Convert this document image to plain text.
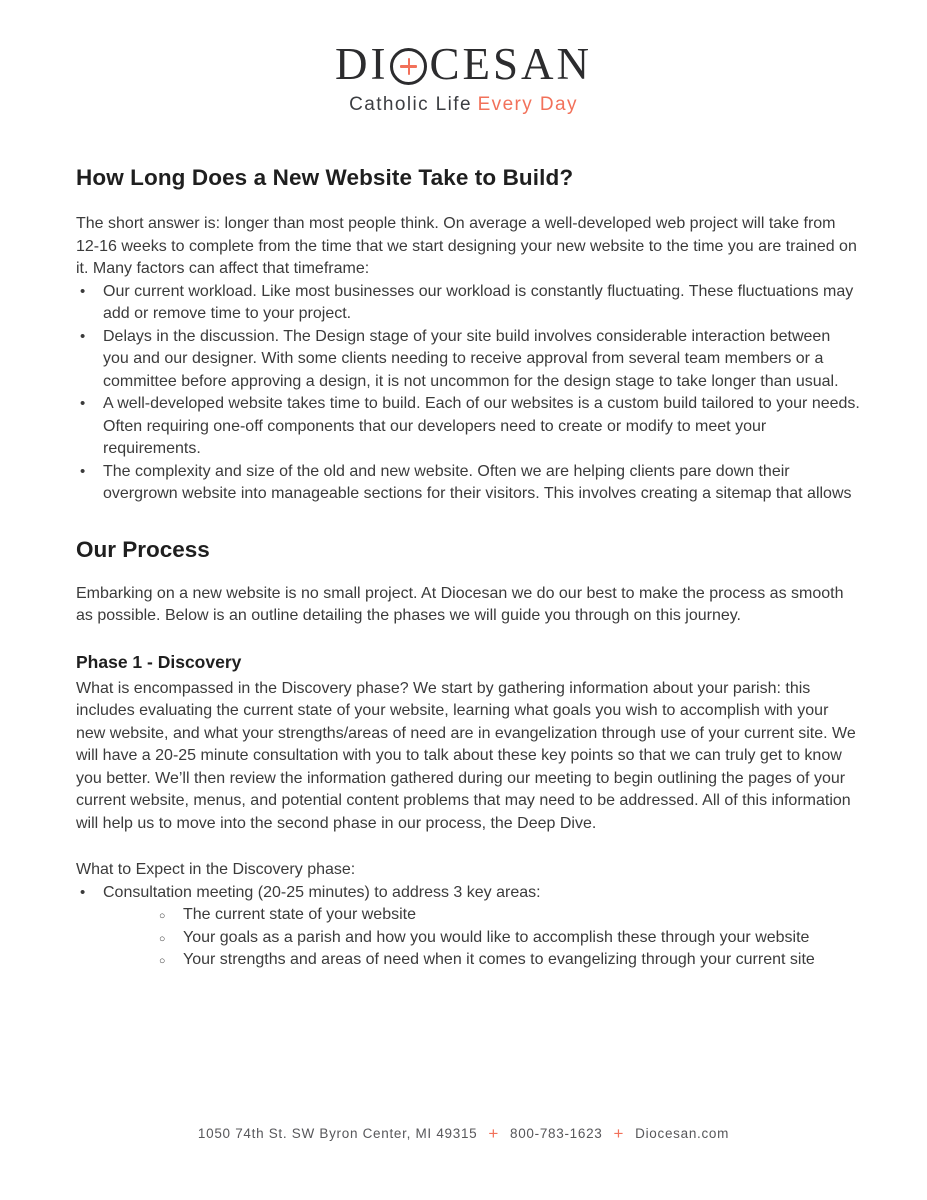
DI CESAN
Catholic Life Every Day
How Long Does a New Website Take to Build?

The short answer is: longer than most people think. On average a well-developed web project will take from 12-16 weeks to complete from the time that we start designing your new website to the time you are trained on it. Many factors can affect that timeframe:

• Our current workload. Like most businesses our workload is constantly fluctuating. These fluctuations may add or remove time to your project.
• Delays in the discussion. The Design stage of your site build involves considerable interaction between you and our designer. With some clients needing to receive approval from several team members or a committee before approving a design, it is not uncommon for the design stage to take longer than usual.
• A well-developed website takes time to build. Each of our websites is a custom build tailored to your needs. Often requiring one-off components that our developers need to create or modify to meet your requirements.
• The complexity and size of the old and new website. Often we are helping clients pare down their overgrown website into manageable sections for their visitors. This involves creating a sitemap that allows
Our Process

Embarking on a new website is no small project. At Diocesan we do our best to make the process as smooth as possible. Below is an outline detailing the phases we will guide you through on this journey.

Phase 1 - Discovery

What is encompassed in the Discovery phase? We start by gathering information about your parish: this includes evaluating the current state of your website, learning what goals you wish to accomplish with your new website, and what your strengths/areas of need are in evangelization through use of your current site. We will have a 20-25 minute consultation with you to talk about these key points so that we can truly get to know you better. We’ll then review the information gathered during our meeting to begin outlining the pages of your current website, menus, and potential content problems that may need to be addressed. All of this information will help us to move into the second phase in our process, the Deep Dive.

What to Expect in the Discovery phase:

• Consultation meeting (20-25 minutes) to address 3 key areas:
○ The current state of your website
○ Your goals as a parish and how you would like to accomplish these through your website
○ Your strengths and areas of need when it comes to evangelizing through your current site
1050 74th St. SW Byron Center, MI 49315 + 800-783-1623 + Diocesan.com
